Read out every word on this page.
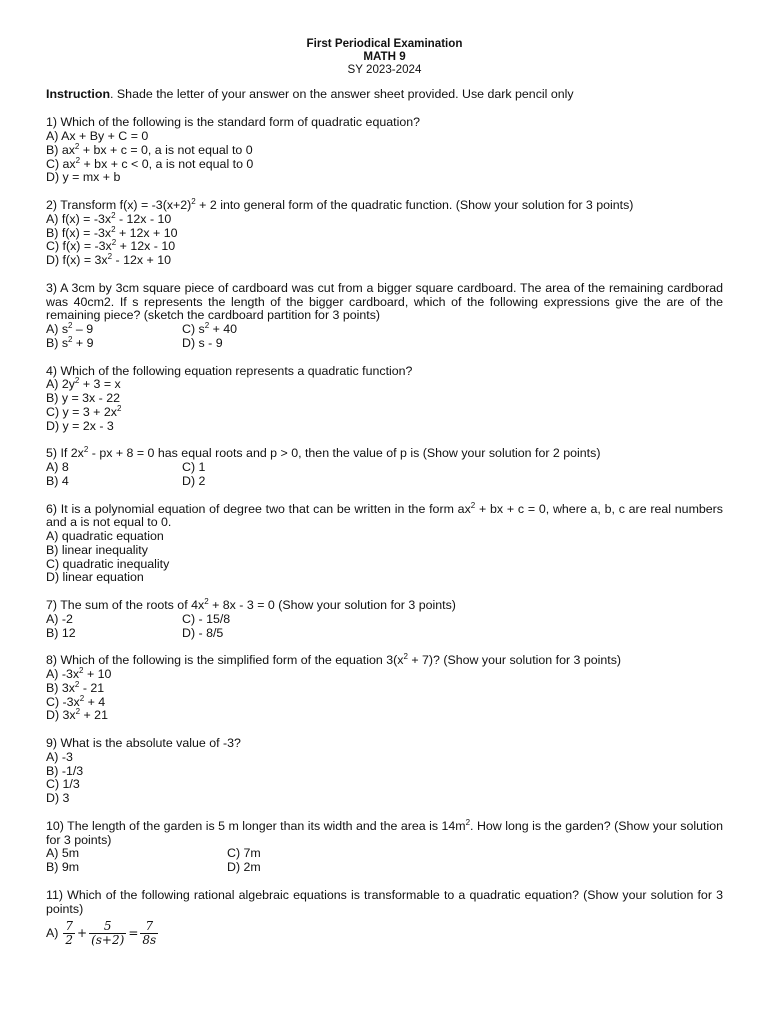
First Periodical Examination
MATH 9
SY 2023-2024
Instruction. Shade the letter of your answer on the answer sheet provided. Use dark pencil only
1) Which of the following is the standard form of quadratic equation?
A) Ax + By + C = 0
B) $ax^2$ + bx + c = 0, a is not equal to 0
C) $ax^2$ + bx + c < 0, a is not equal to 0
D) y = mx + b
2) Transform $f(x) = -3(x+2)^2 + 2$ into general form of the quadratic function. (Show your solution for 3 points)
A) $f(x) = -3x^2 - 12x - 10$
B) $f(x) = -3x^2 + 12x + 10$
C) $f(x) = -3x^2 + 12x - 10$
D) $f(x) = 3x^2 - 12x + 10$
3) A 3cm by 3cm square piece of cardboard was cut from a bigger square cardboard. The area of the remaining cardborad was 40cm2. If s represents the length of the bigger cardboard, which of the following expressions give the are of the remaining piece? (sketch the cardboard partition for 3 points)
A) $s^2 - 9$	C) $s^2 + 40$
B) $s^2 + 9$	D) s - 9
4) Which of the following equation represents a quadratic function?
A) $2y^2 + 3 = x$
B) y = 3x - 22
C) $y = 3 + 2x^2$
D) y = 2x - 3
5) If $2x^2$ - px + 8 = 0 has equal roots and p > 0, then the value of p is (Show your solution for 2 points)
A) 8	C) 1
B) 4	D) 2
6) It is a polynomial equation of degree two that can be written in the form $ax^2$ + bx + c = 0, where a, b, c are real numbers and a is not equal to 0.
A) quadratic equation
B) linear inequality
C) quadratic inequality
D) linear equation
7) The sum of the roots of $4x^2 + 8x - 3 = 0$ (Show your solution for 3 points)
A) -2	C) - 15/8
B) 12	D) - 8/5
8) Which of the following is the simplified form of the equation $3(x^2 + 7)$? (Show your solution for 3 points)
A) $-3x^2 + 10$
B) $3x^2 - 21$
C) $-3x^2 + 4$
D) $3x^2 + 21$
9) What is the absolute value of -3?
A) -3
B) -1/3
C) 1/3
D) 3
10) The length of the garden is 5 m longer than its width and the area is $14m^2$. How long is the garden? (Show your solution for 3 points)
A) 5m	C) 7m
B) 9m	D) 2m
11) Which of the following rational algebraic equations is transformable to a quadratic equation? (Show your solution for 3 points)
$A) \frac{7}{2} + \frac{5}{(s+2)} = \frac{7}{8s}$
